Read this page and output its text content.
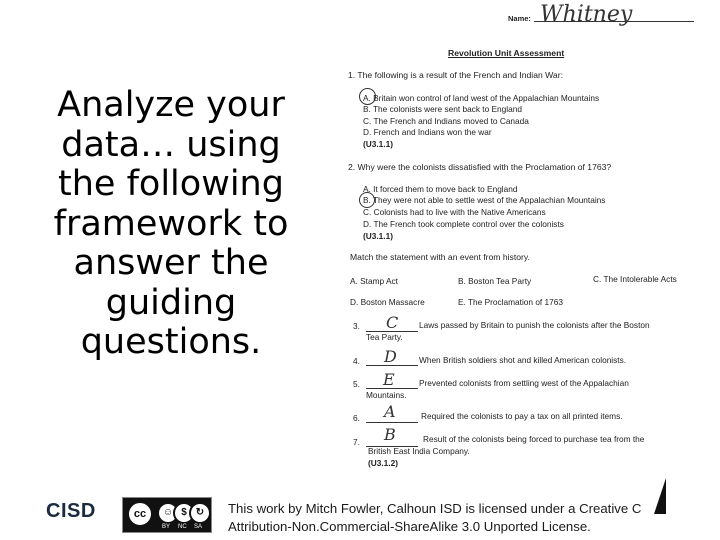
Analyze your data… using the following framework to answer the guiding questions.
Name: Whitney
Revolution Unit Assessment
1. The following is a result of the French and Indian War:
A. Britain won control of land west of the Appalachian Mountains
B. The colonists were sent back to England
C. The French and Indians moved to Canada
D. French and Indians won the war
(U3.1.1)
2. Why were the colonists dissatisfied with the Proclamation of 1763?
A. It forced them to move back to England
B. They were not able to settle west of the Appalachian Mountains
C. Colonists had to live with the Native Americans
D. The French took complete control over the colonists
(U3.1.1)
Match the statement with an event from history.
A. Stamp Act	B. Boston Tea Party	C. The Intolerable Acts
D. Boston Massacre	E. The Proclamation of 1763
3. C	Laws passed by Britain to punish the colonists after the Boston
Tea Party.
4. D	When British soldiers shot and killed American colonists.
5. E	Prevented colonists from settling west of the Appalachian
Mountains.
6. A	Required the colonists to pay a tax on all printed items.
7. B	Result of the colonists being forced to purchase tea from the
British East India Company.
(U3.1.2)
CISD	cc	☺ $ ↻
BY NC SA
This work by Mitch Fowler, Calhoun ISD is licensed under a Creative C
Attribution-Non.Commercial-ShareAlike 3.0 Unported License.
